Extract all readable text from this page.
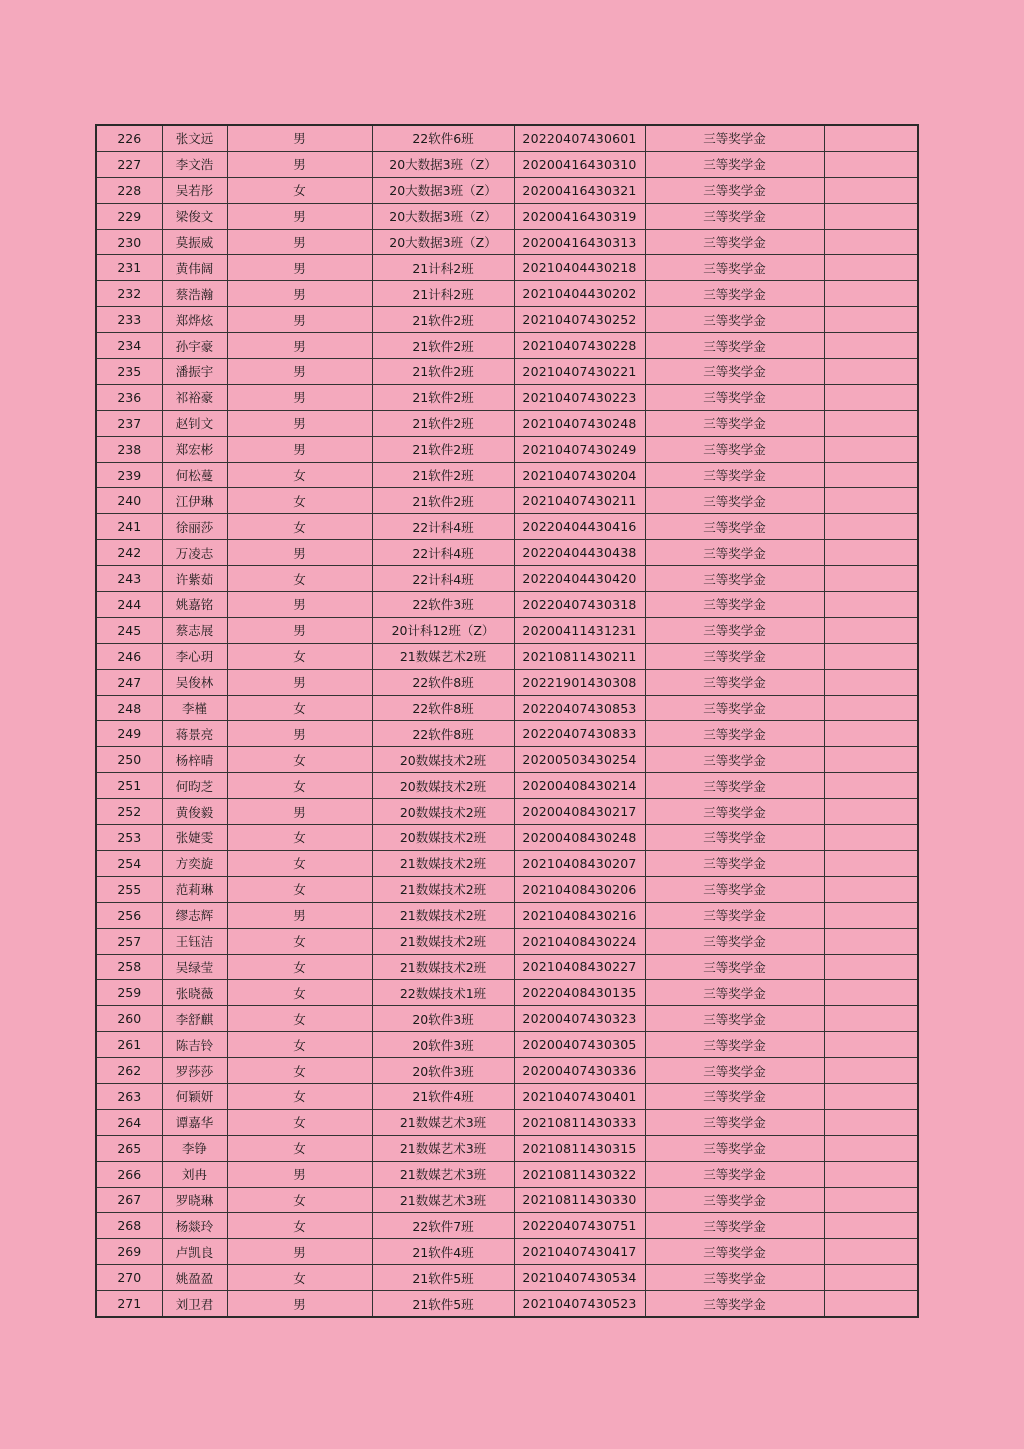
226	张文远	男	22软件6班	20220407430601	三等奖学金	
227	李文浩	男	20大数据3班（Z）	20200416430310	三等奖学金	
228	吴若彤	女	20大数据3班（Z）	20200416430321	三等奖学金	
229	梁俊文	男	20大数据3班（Z）	20200416430319	三等奖学金	
230	莫振威	男	20大数据3班（Z）	20200416430313	三等奖学金	
231	黄伟阔	男	21计科2班	20210404430218	三等奖学金	
232	蔡浩瀚	男	21计科2班	20210404430202	三等奖学金	
233	郑烨炫	男	21软件2班	20210407430252	三等奖学金	
234	孙宇豪	男	21软件2班	20210407430228	三等奖学金	
235	潘振宇	男	21软件2班	20210407430221	三等奖学金	
236	祁裕豪	男	21软件2班	20210407430223	三等奖学金	
237	赵钊文	男	21软件2班	20210407430248	三等奖学金	
238	郑宏彬	男	21软件2班	20210407430249	三等奖学金	
239	何松蔓	女	21软件2班	20210407430204	三等奖学金	
240	江伊琳	女	21软件2班	20210407430211	三等奖学金	
241	徐丽莎	女	22计科4班	20220404430416	三等奖学金	
242	万凌志	男	22计科4班	20220404430438	三等奖学金	
243	许紫茹	女	22计科4班	20220404430420	三等奖学金	
244	姚嘉铭	男	22软件3班	20220407430318	三等奖学金	
245	蔡志展	男	20计科12班（Z）	20200411431231	三等奖学金	
246	李心玥	女	21数媒艺术2班	20210811430211	三等奖学金	
247	吴俊林	男	22软件8班	20221901430308	三等奖学金	
248	李槿	女	22软件8班	20220407430853	三等奖学金	
249	蒋景亮	男	22软件8班	20220407430833	三等奖学金	
250	杨梓晴	女	20数媒技术2班	20200503430254	三等奖学金	
251	何昀芝	女	20数媒技术2班	20200408430214	三等奖学金	
252	黄俊毅	男	20数媒技术2班	20200408430217	三等奖学金	
253	张婕雯	女	20数媒技术2班	20200408430248	三等奖学金	
254	方奕旋	女	21数媒技术2班	20210408430207	三等奖学金	
255	范莉琳	女	21数媒技术2班	20210408430206	三等奖学金	
256	缪志辉	男	21数媒技术2班	20210408430216	三等奖学金	
257	王钰洁	女	21数媒技术2班	20210408430224	三等奖学金	
258	吴绿莹	女	21数媒技术2班	20210408430227	三等奖学金	
259	张晓薇	女	22数媒技术1班	20220408430135	三等奖学金	
260	李舒麒	女	20软件3班	20200407430323	三等奖学金	
261	陈吉铃	女	20软件3班	20200407430305	三等奖学金	
262	罗莎莎	女	20软件3班	20200407430336	三等奖学金	
263	何颖妍	女	21软件4班	20210407430401	三等奖学金	
264	谭嘉华	女	21数媒艺术3班	20210811430333	三等奖学金	
265	李铮	女	21数媒艺术3班	20210811430315	三等奖学金	
266	刘冉	男	21数媒艺术3班	20210811430322	三等奖学金	
267	罗晓琳	女	21数媒艺术3班	20210811430330	三等奖学金	
268	杨燚玲	女	22软件7班	20220407430751	三等奖学金	
269	卢凯良	男	21软件4班	20210407430417	三等奖学金	
270	姚盈盈	女	21软件5班	20210407430534	三等奖学金	
271	刘卫君	男	21软件5班	20210407430523	三等奖学金	
